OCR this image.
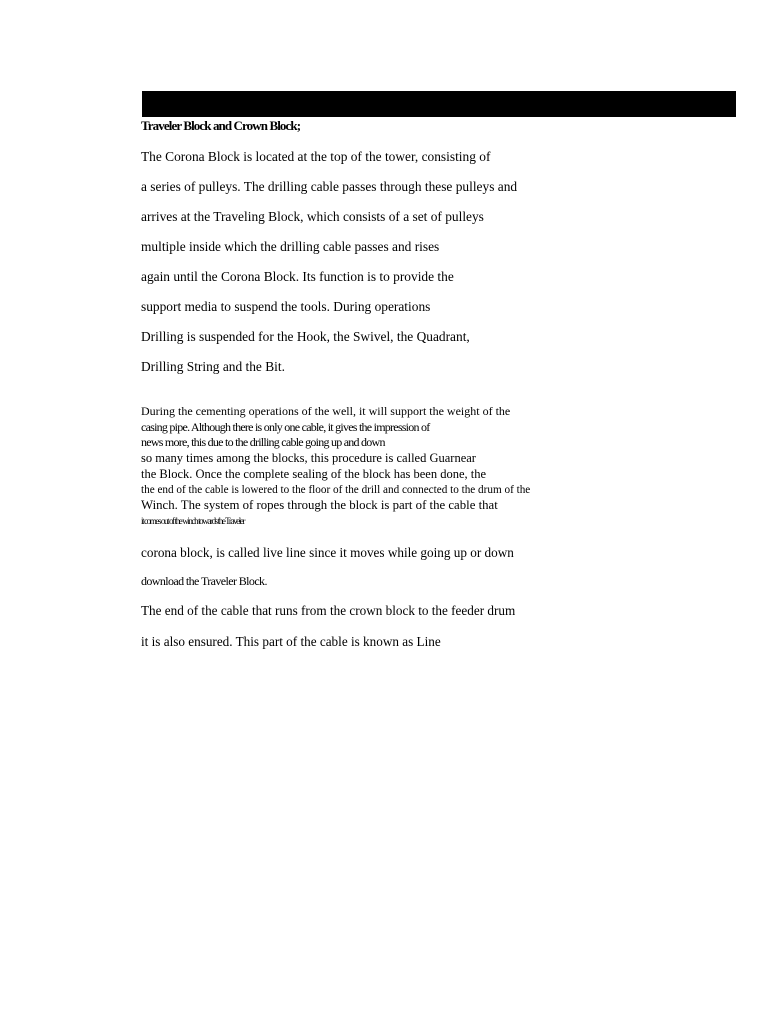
Traveler Block and Crown Block;
The Corona Block is located at the top of the tower, consisting of
a series of pulleys. The drilling cable passes through these pulleys and
arrives at the Traveling Block, which consists of a set of pulleys
multiple inside which the drilling cable passes and rises
again until the Corona Block. Its function is to provide the
support media to suspend the tools. During operations
Drilling is suspended for the Hook, the Swivel, the Quadrant,
Drilling String and the Bit.
During the cementing operations of the well, it will support the weight of the
casing pipe. Although there is only one cable, it gives the impression of
news more, this due to the drilling cable going up and down
so many times among the blocks, this procedure is called Guarnear
the Block. Once the complete sealing of the block has been done, the
the end of the cable is lowered to the floor of the drill and connected to the drum of the
Winch. The system of ropes through the block is part of the cable that
it comes out of the winch towards the Traveler
corona block, is called live line since it moves while going up or down
download the Traveler Block.
The end of the cable that runs from the crown block to the feeder drum
it is also ensured. This part of the cable is known as Line
